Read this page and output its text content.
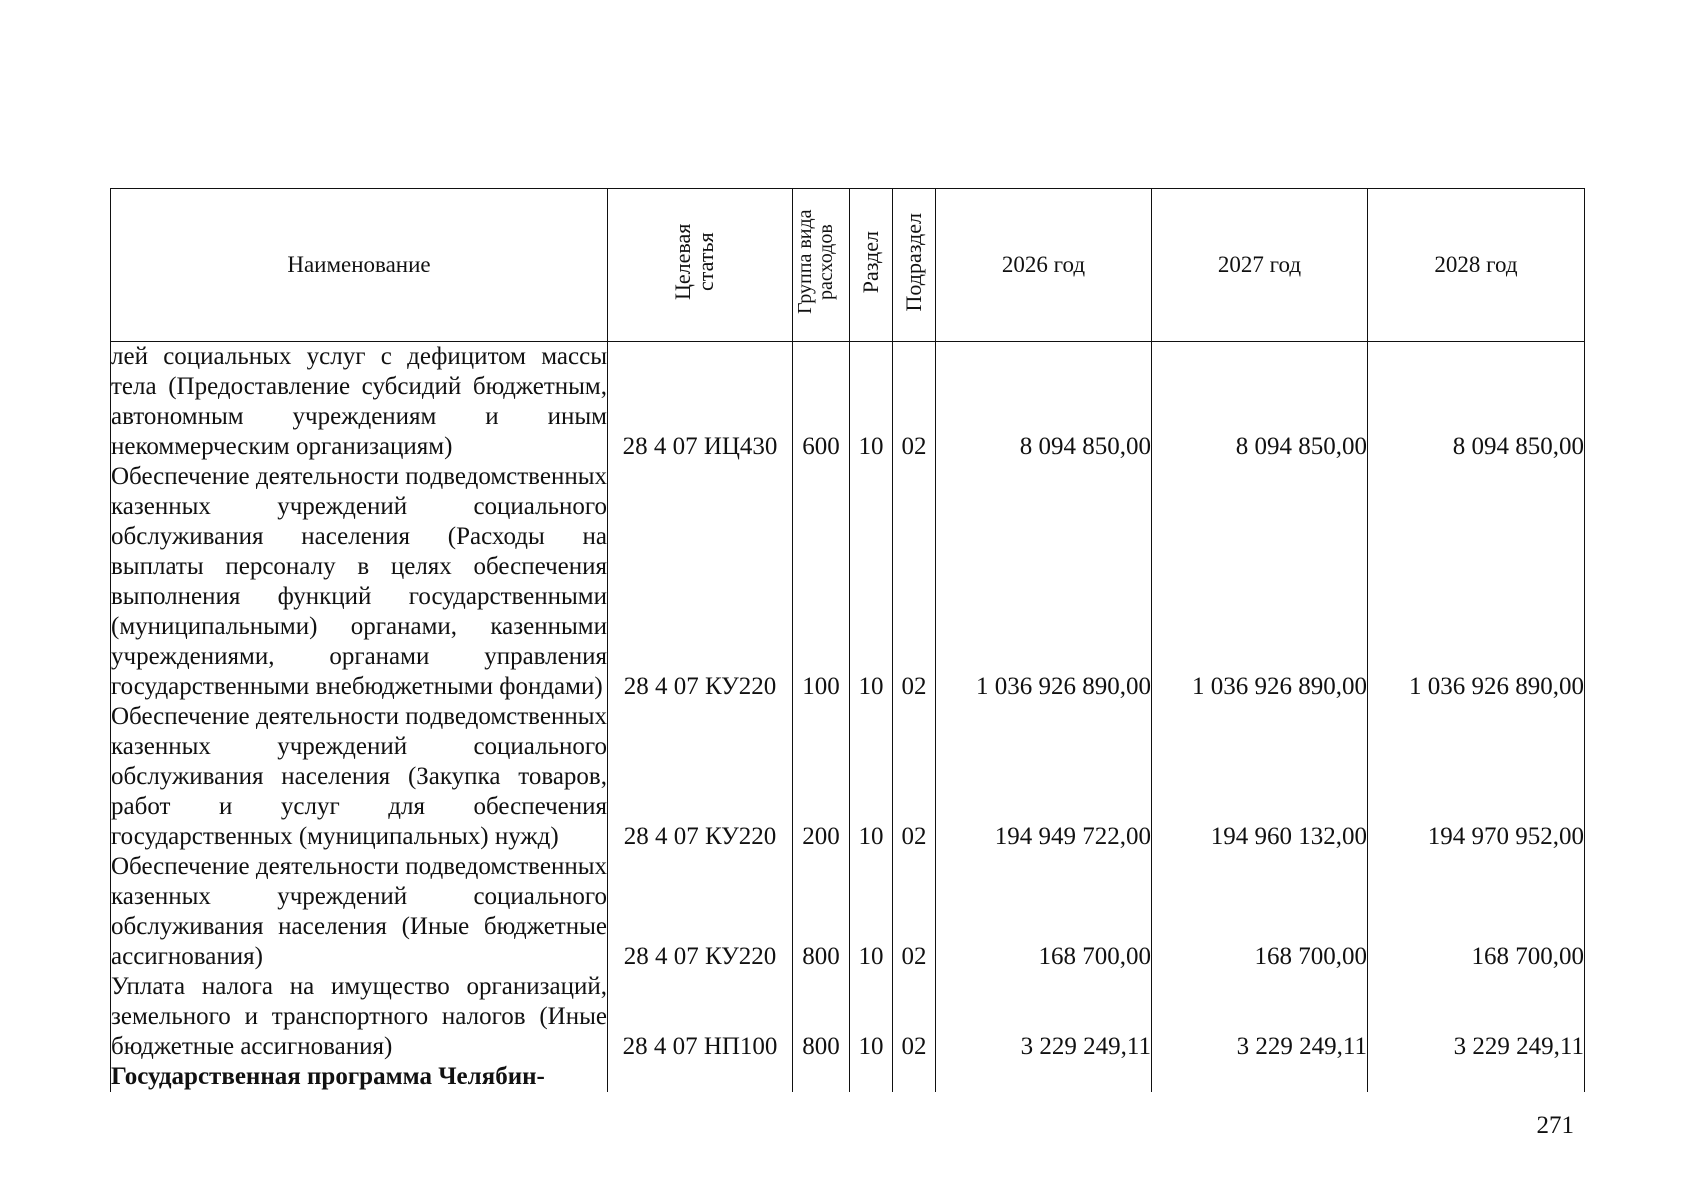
Наименование	Целевая статья	Группа вида расходов	Раздел	Подраздел	2026 год	2027 год	2028 год
лей социальных услуг с дефицитом массы тела (Предоставление субсидий бюджетным, автономным учреждениям и иным некоммерческим организациям)	28 4 07 ИЦ430	600	10	02	8 094 850,00	8 094 850,00	8 094 850,00
Обеспечение деятельности подведомственных казенных учреждений социального обслуживания населения (Расходы на выплаты персоналу в целях обеспечения выполнения функций государственными (муниципальными) органами, казенными учреждениями, органами управления государственными внебюджетными фондами)	28 4 07 КУ220	100	10	02	1 036 926 890,00	1 036 926 890,00	1 036 926 890,00
Обеспечение деятельности подведомственных казенных учреждений социального обслуживания населения (Закупка товаров, работ и услуг для обеспечения государственных (муниципальных) нужд)	28 4 07 КУ220	200	10	02	194 949 722,00	194 960 132,00	194 970 952,00
Обеспечение деятельности подведомственных казенных учреждений социального обслуживания населения (Иные бюджетные ассигнования)	28 4 07 КУ220	800	10	02	168 700,00	168 700,00	168 700,00
Уплата налога на имущество организаций, земельного и транспортного налогов (Иные бюджетные ассигнования)	28 4 07 НП100	800	10	02	3 229 249,11	3 229 249,11	3 229 249,11
Государственная программа Челябин-							
271
